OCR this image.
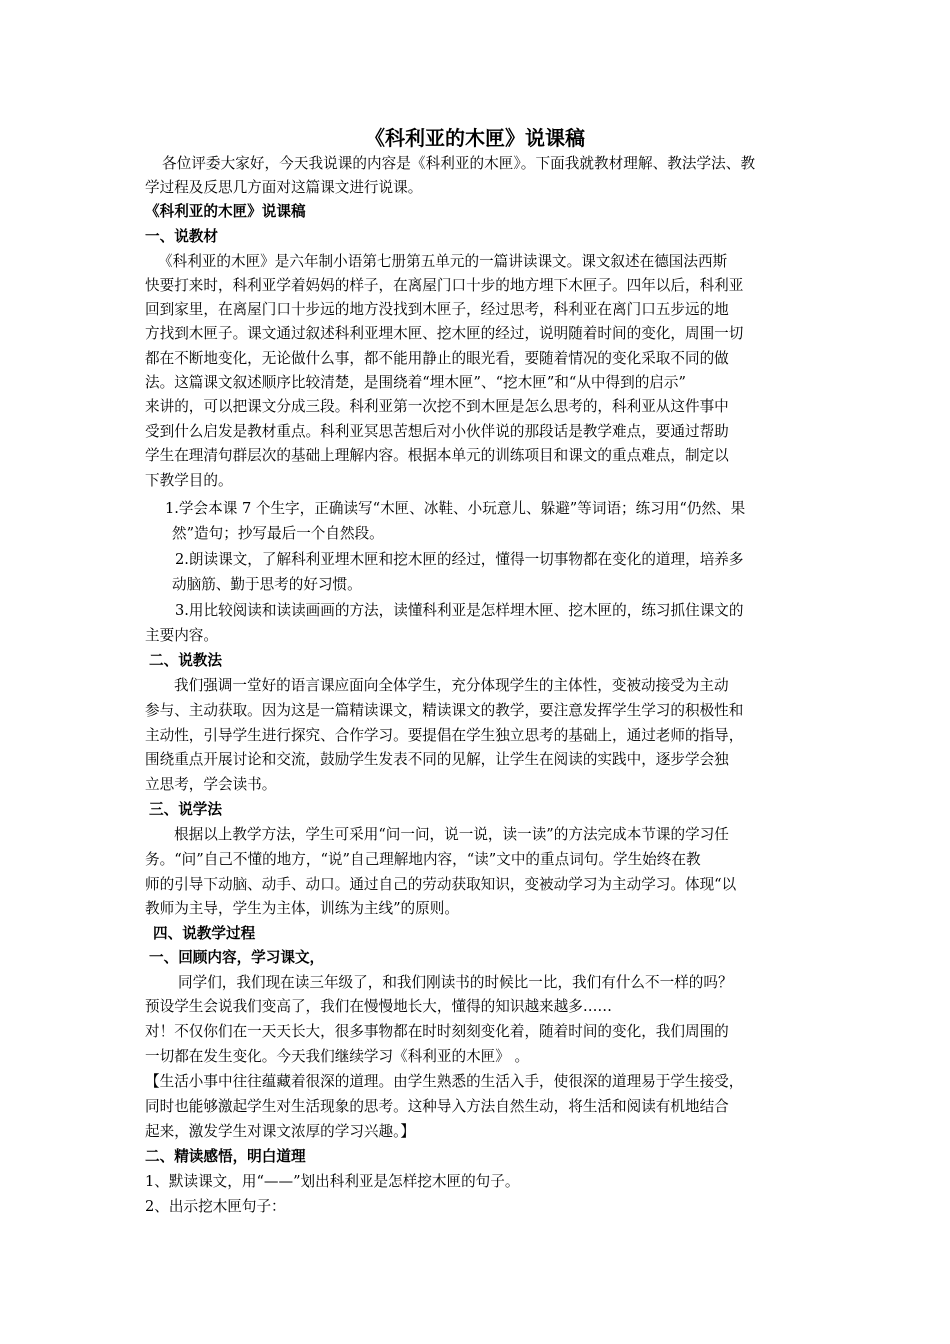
《科利亚的木匣》说课稿
各位评委大家好，今天我说课的内容是《科利亚的木匣》。下面我就教材理解、教法学法、教
学过程及反思几方面对这篇课文进行说课。
《科利亚的木匣》说课稿
一、说教材
《科利亚的木匣》是六年制小语第七册第五单元的一篇讲读课文。课文叙述在德国法西斯
快要打来时，科利亚学着妈妈的样子，在离屋门口十步的地方埋下木匣子。四年以后，科利亚
回到家里，在离屋门口十步远的地方没找到木匣子，经过思考，科利亚在离门口五步远的地
方找到木匣子。课文通过叙述科利亚埋木匣、挖木匣的经过，说明随着时间的变化，周围一切
都在不断地变化，无论做什么事，都不能用静止的眼光看，要随着情况的变化采取不同的做
法。这篇课文叙述顺序比较清楚，是围绕着“埋木匣”、“挖木匣”和“从中得到的启示”
来讲的，可以把课文分成三段。科利亚第一次挖不到木匣是怎么思考的，科利亚从这件事中
受到什么启发是教材重点。科利亚冥思苦想后对小伙伴说的那段话是教学难点，要通过帮助
学生在理清句群层次的基础上理解内容。根据本单元的训练项目和课文的重点难点，制定以
下教学目的。
1.学会本课 7 个生字，正确读写“木匣、冰鞋、小玩意儿、躲避”等词语；练习用“仍然、果
然”造句；抄写最后一个自然段。
2.朗读课文，了解科利亚埋木匣和挖木匣的经过，懂得一切事物都在变化的道理，培养多
动脑筋、勤于思考的好习惯。
3.用比较阅读和读读画画的方法，读懂科利亚是怎样埋木匣、挖木匣的，练习抓住课文的
主要内容。
二、说教法
我们强调一堂好的语言课应面向全体学生，充分体现学生的主体性，变被动接受为主动
参与、主动获取。因为这是一篇精读课文，精读课文的教学，要注意发挥学生学习的积极性和
主动性，引导学生进行探究、合作学习。要提倡在学生独立思考的基础上，通过老师的指导，
围绕重点开展讨论和交流，鼓励学生发表不同的见解，让学生在阅读的实践中，逐步学会独
立思考，学会读书。
三、说学法
根据以上教学方法，学生可采用“问一问，说一说，读一读”的方法完成本节课的学习任
务。“问”自己不懂的地方，“说”自己理解地内容，“读”文中的重点词句。学生始终在教
师的引导下动脑、动手、动口。通过自己的劳动获取知识，变被动学习为主动学习。体现“以
教师为主导，学生为主体，训练为主线”的原则。
四、说教学过程
一、回顾内容，学习课文，
同学们，我们现在读三年级了，和我们刚读书的时候比一比，我们有什么不一样的吗？
预设学生会说我们变高了，我们在慢慢地长大，懂得的知识越来越多……
对！不仅你们在一天天长大，很多事物都在时时刻刻变化着，随着时间的变化，我们周围的
一切都在发生变化。今天我们继续学习《科利亚的木匣》 。
【生活小事中往往蕴藏着很深的道理。由学生熟悉的生活入手，使很深的道理易于学生接受，
同时也能够激起学生对生活现象的思考。这种导入方法自然生动，将生活和阅读有机地结合
起来，激发学生对课文浓厚的学习兴趣。】
二、精读感悟，明白道理
1、默读课文，用“——”划出科利亚是怎样挖木匣的句子。
2、出示挖木匣句子：
